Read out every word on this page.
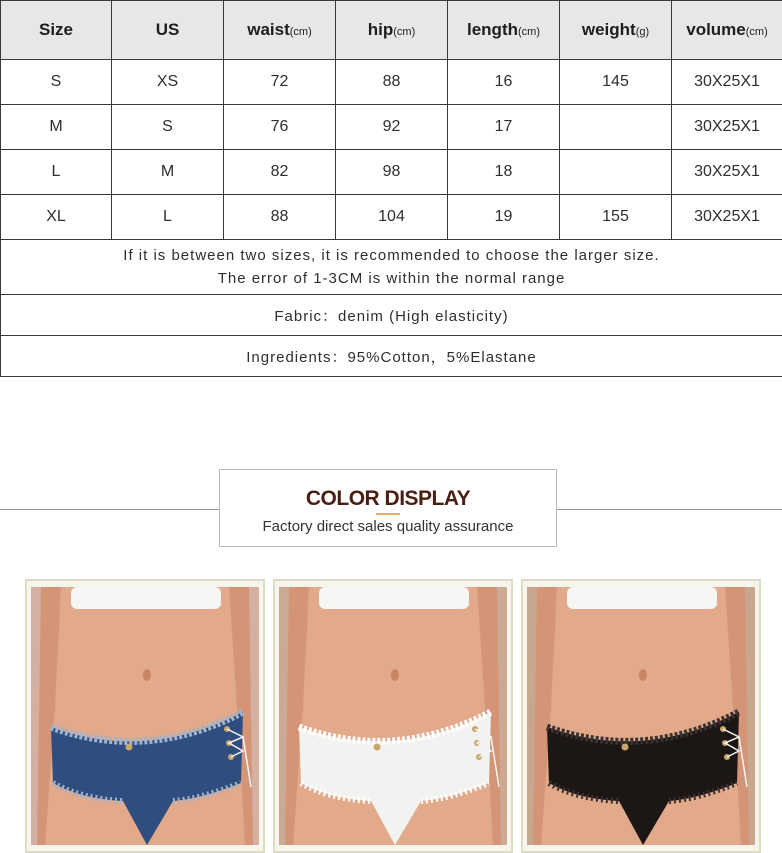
Size	US	waist(cm)	hip(cm)	length(cm)	weight(g)	volume(cm)
S	XS	72	88	16	145	30X25X1
M	S	76	92	17		30X25X1
L	M	82	98	18		30X25X1
XL	L	88	104	19	155	30X25X1

If it is between two sizes, it is recommended to choose the larger size.
The error of 1-3CM is within the normal range						

Fabric：denim (High elasticity)						
Ingredients：95%Cotton，5%Elastane						
COLOR DISPLAY
Factory direct sales quality assurance
